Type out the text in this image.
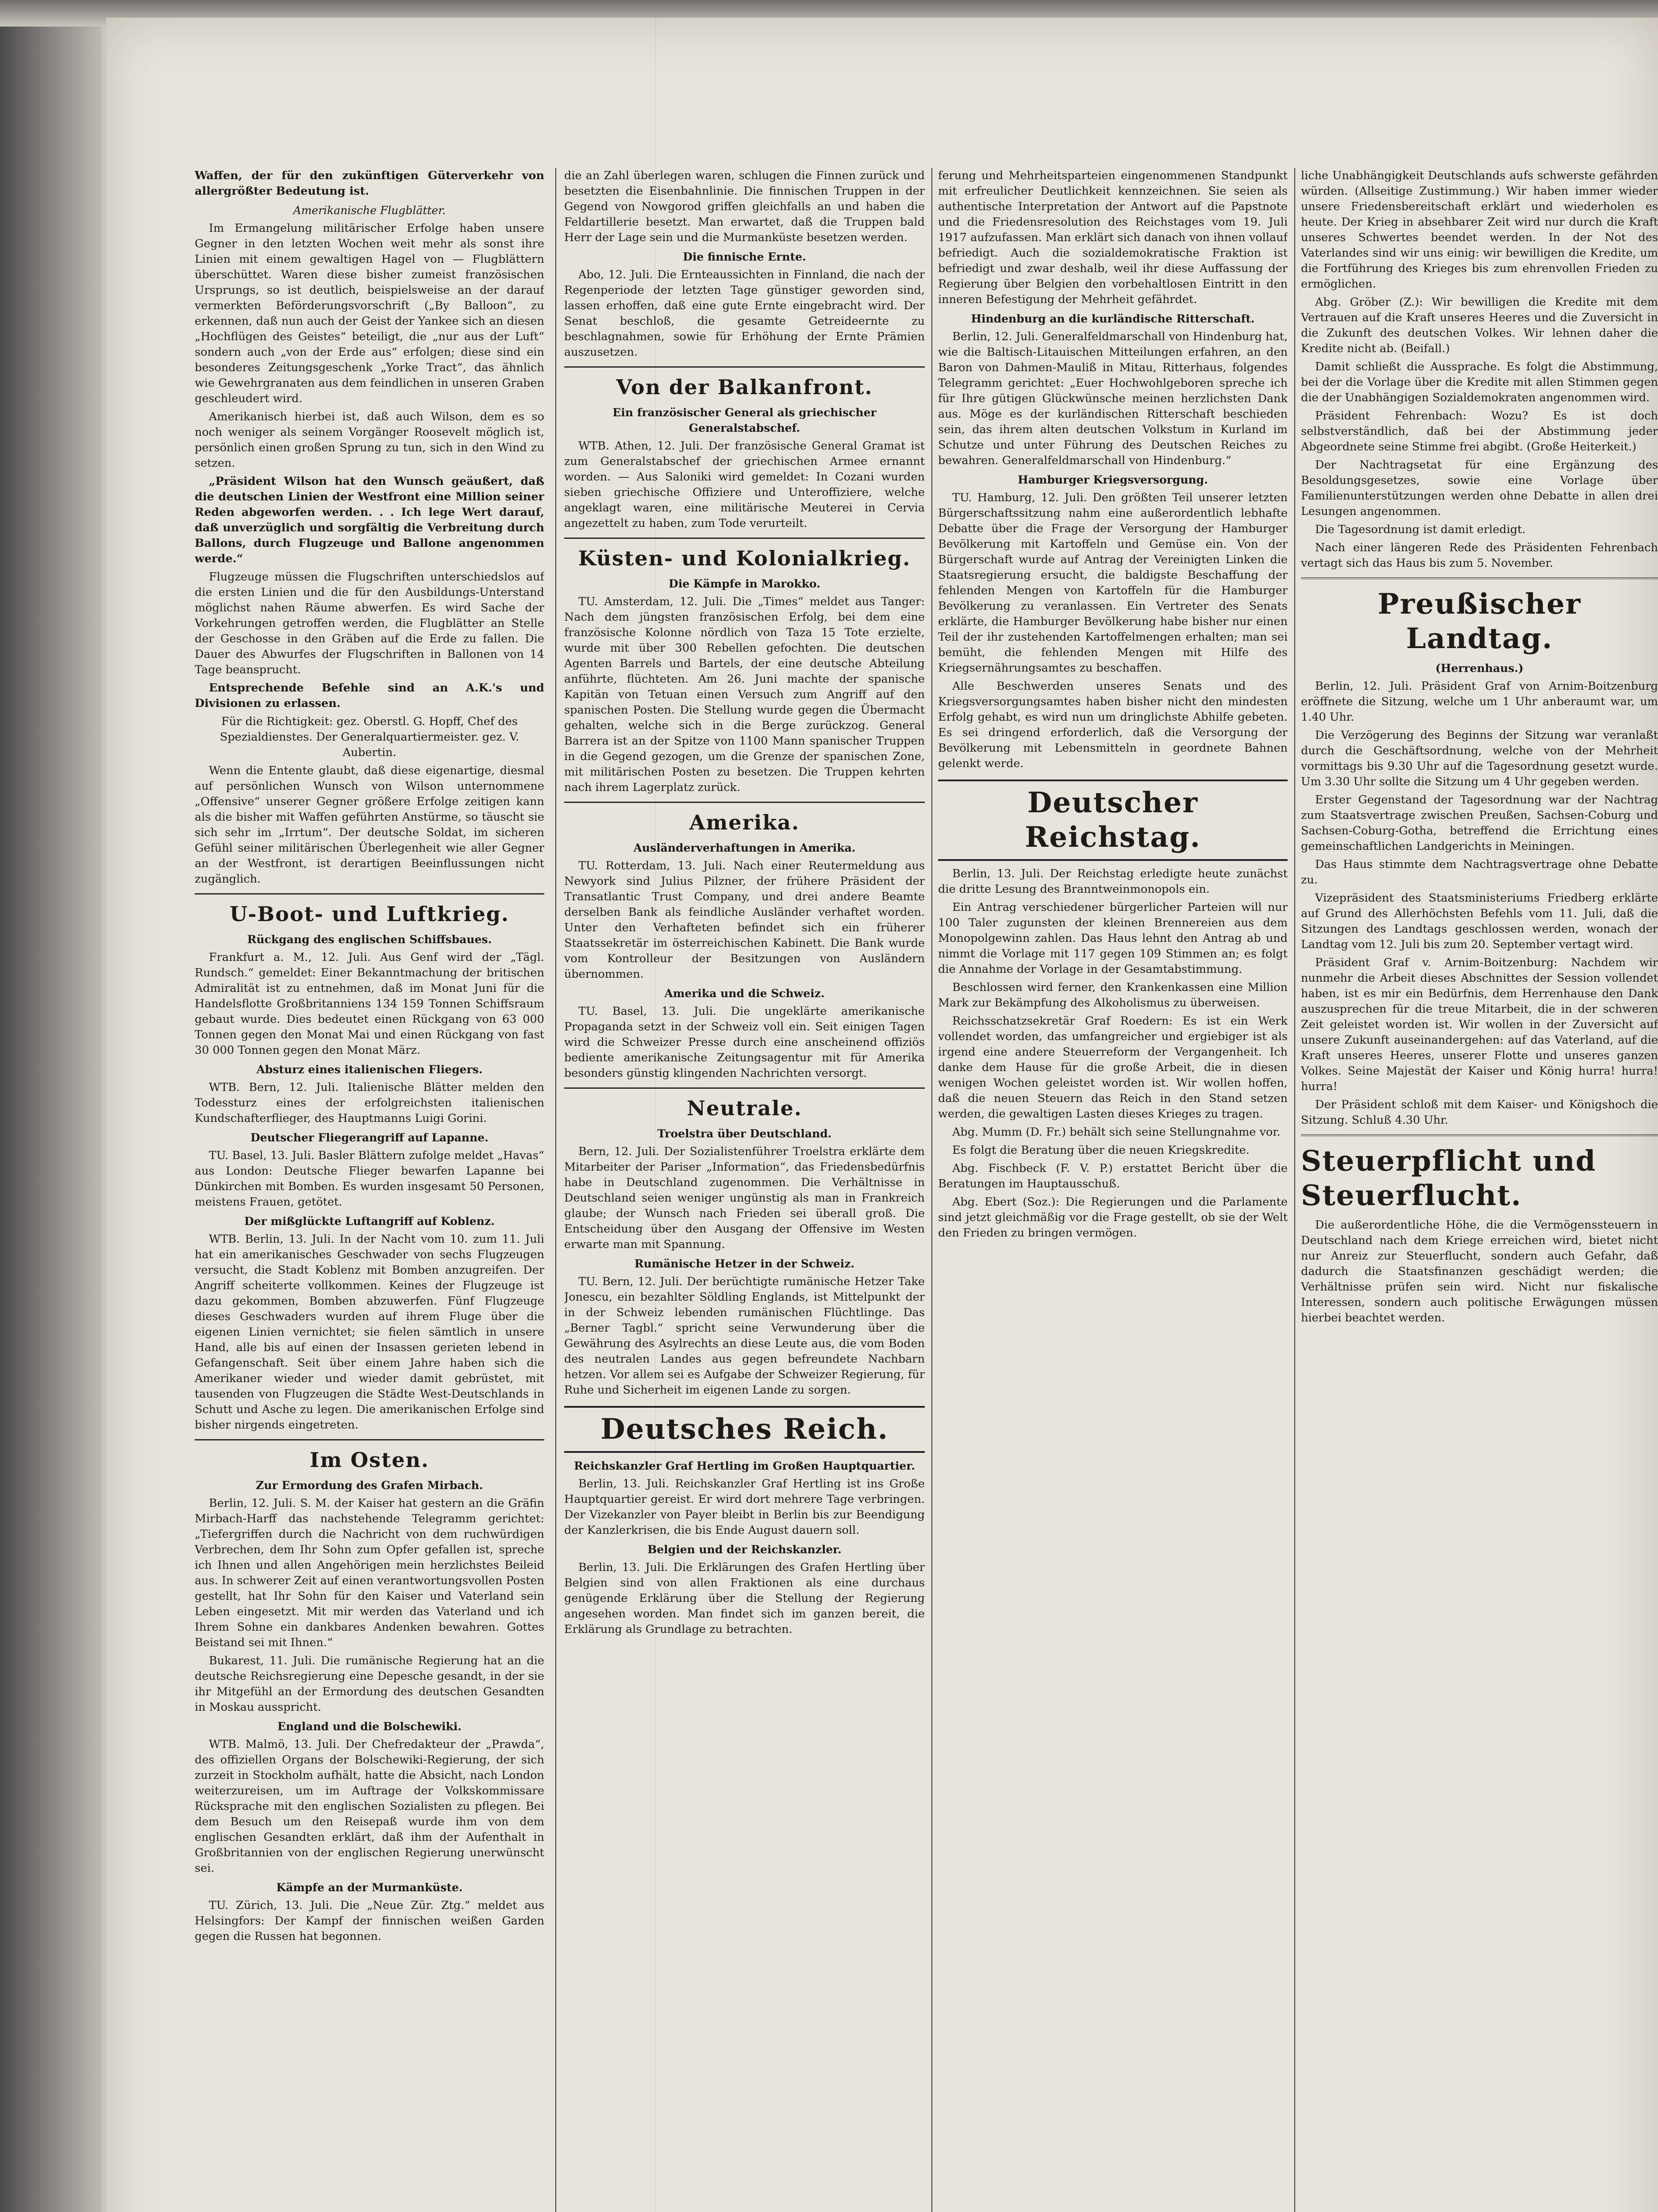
Waffen, der für den zukünftigen Güterverkehr von allergrößter Bedeutung ist.

Amerikanische Flugblätter.

Im Ermangelung militärischer Erfolge haben unsere Gegner in den letzten Wochen weit mehr als sonst ihre Linien mit einem gewaltigen Hagel von — Flugblättern überschüttet. Waren diese bisher zumeist französischen Ursprungs, so ist deutlich, beispielsweise an der darauf vermerkten Beförderungsvorschrift („By Balloon“, zu erkennen, daß nun auch der Geist der Yankee sich an diesen „Hochflügen des Geistes“ beteiligt, die „nur aus der Luft“ sondern auch „von der Erde aus“ erfolgen; diese sind ein besonderes Zeitungsgeschenk „Yorke Tract“, das ähnlich wie Gewehrgranaten aus dem feindlichen in unseren Graben geschleudert wird.

Amerikanisch hierbei ist, daß auch Wilson, dem es so noch weniger als seinem Vorgänger Roosevelt möglich ist, persönlich einen großen Sprung zu tun, sich in den Wind zu setzen.

„Präsident Wilson hat den Wunsch geäußert, daß die deutschen Linien der Westfront eine Million seiner Reden abgeworfen werden. . . Ich lege Wert darauf, daß unverzüglich und sorgfältig die Verbreitung durch Ballons, durch Flugzeuge und Ballone angenommen werde.“

Flugzeuge müssen die Flugschriften unterschiedslos auf die ersten Linien und die für den Ausbildungs-Unterstand möglichst nahen Räume abwerfen. Es wird Sache der Vorkehrungen getroffen werden, die Flugblätter an Stelle der Geschosse in den Gräben auf die Erde zu fallen. Die Dauer des Abwurfes der Flugschriften in Ballonen von 14 Tage beansprucht.

Entsprechende Befehle sind an A.K.'s und Divisionen zu erlassen.

Für die Richtigkeit: gez. Oberstl. G. Hopff, Chef des Spezialdienstes. Der Generalquartiermeister. gez. V. Aubertin.

Wenn die Entente glaubt, daß diese eigenartige, diesmal auf persönlichen Wunsch von Wilson unternommene „Offensive“ unserer Gegner größere Erfolge zeitigen kann als die bisher mit Waffen geführten Anstürme, so täuscht sie sich sehr im „Irrtum“. Der deutsche Soldat, im sicheren Gefühl seiner militärischen Überlegenheit wie aller Gegner an der Westfront, ist derartigen Beeinflussungen nicht zugänglich.

U-Boot- und Luftkrieg.
Rückgang des englischen Schiffsbaues.

Frankfurt a. M., 12. Juli. Aus Genf wird der „Tägl. Rundsch.“ gemeldet: Einer Bekanntmachung der britischen Admiralität ist zu entnehmen, daß im Monat Juni für die Handelsflotte Großbritanniens 134 159 Tonnen Schiffsraum gebaut wurde. Dies bedeutet einen Rückgang von 63 000 Tonnen gegen den Monat Mai und einen Rückgang von fast 30 000 Tonnen gegen den Monat März.

Absturz eines italienischen Fliegers.

WTB. Bern, 12. Juli. Italienische Blätter melden den Todessturz eines der erfolgreichsten italienischen Kundschafterflieger, des Hauptmanns Luigi Gorini.

Deutscher Fliegerangriff auf Lapanne.

TU. Basel, 13. Juli. Basler Blättern zufolge meldet „Havas“ aus London: Deutsche Flieger bewarfen Lapanne bei Dünkirchen mit Bomben. Es wurden insgesamt 50 Personen, meistens Frauen, getötet.

Der mißglückte Luftangriff auf Koblenz.

WTB. Berlin, 13. Juli. In der Nacht vom 10. zum 11. Juli hat ein amerikanisches Geschwader von sechs Flugzeugen versucht, die Stadt Koblenz mit Bomben anzugreifen. Der Angriff scheiterte vollkommen. Keines der Flugzeuge ist dazu gekommen, Bomben abzuwerfen. Fünf Flugzeuge dieses Geschwaders wurden auf ihrem Fluge über die eigenen Linien vernichtet; sie fielen sämtlich in unsere Hand, alle bis auf einen der Insassen gerieten lebend in Gefangenschaft. Seit über einem Jahre haben sich die Amerikaner wieder und wieder damit gebrüstet, mit tausenden von Flugzeugen die Städte West-Deutschlands in Schutt und Asche zu legen. Die amerikanischen Erfolge sind bisher nirgends eingetreten.

Im Osten.
Zur Ermordung des Grafen Mirbach.

Berlin, 12. Juli. S. M. der Kaiser hat gestern an die Gräfin Mirbach-Harff das nachstehende Telegramm gerichtet: „Tiefergriffen durch die Nachricht von dem ruchwürdigen Verbrechen, dem Ihr Sohn zum Opfer gefallen ist, spreche ich Ihnen und allen Angehörigen mein herzlichstes Beileid aus. In schwerer Zeit auf einen verantwortungsvollen Posten gestellt, hat Ihr Sohn für den Kaiser und Vaterland sein Leben eingesetzt. Mit mir werden das Vaterland und ich Ihrem Sohne ein dankbares Andenken bewahren. Gottes Beistand sei mit Ihnen.“

Bukarest, 11. Juli. Die rumänische Regierung hat an die deutsche Reichsregierung eine Depesche gesandt, in der sie ihr Mitgefühl an der Ermordung des deutschen Gesandten in Moskau ausspricht.

England und die Bolschewiki.

WTB. Malmö, 13. Juli. Der Chefredakteur der „Prawda“, des offiziellen Organs der Bolschewiki-Regierung, der sich zurzeit in Stockholm aufhält, hatte die Absicht, nach London weiterzureisen, um im Auftrage der Volkskommissare Rücksprache mit den englischen Sozialisten zu pflegen. Bei dem Besuch um den Reisepaß wurde ihm von dem englischen Gesandten erklärt, daß ihm der Aufenthalt in Großbritannien von der englischen Regierung unerwünscht sei.

Kämpfe an der Murmanküste.

TU. Zürich, 13. Juli. Die „Neue Zür. Ztg.“ meldet aus Helsingfors: Der Kampf der finnischen weißen Garden gegen die Russen hat begonnen.

die an Zahl überlegen waren, schlugen die Finnen zurück und besetzten die Eisenbahnlinie. Die finnischen Truppen in der Gegend von Nowgorod griffen gleichfalls an und haben die Feldartillerie besetzt. Man erwartet, daß die Truppen bald Herr der Lage sein und die Murmanküste besetzen werden.

Die finnische Ernte.

Abo, 12. Juli. Die Ernteaussichten in Finnland, die nach der Regenperiode der letzten Tage günstiger geworden sind, lassen erhoffen, daß eine gute Ernte eingebracht wird. Der Senat beschloß, die gesamte Getreideernte zu beschlagnahmen, sowie für Erhöhung der Ernte Prämien auszusetzen.

Von der Balkanfront.
Ein französischer General als griechischer Generalstabschef.

WTB. Athen, 12. Juli. Der französische General Gramat ist zum Generalstabschef der griechischen Armee ernannt worden. — Aus Saloniki wird gemeldet: In Cozani wurden sieben griechische Offiziere und Unteroffiziere, welche angeklagt waren, eine militärische Meuterei in Cervia angezettelt zu haben, zum Tode verurteilt.

Küsten- und Kolonialkrieg.
Die Kämpfe in Marokko.

TU. Amsterdam, 12. Juli. Die „Times“ meldet aus Tanger: Nach dem jüngsten französischen Erfolg, bei dem eine französische Kolonne nördlich von Taza 15 Tote erzielte, wurde mit über 300 Rebellen gefochten. Die deutschen Agenten Barrels und Bartels, der eine deutsche Abteilung anführte, flüchteten. Am 26. Juni machte der spanische Kapitän von Tetuan einen Versuch zum Angriff auf den spanischen Posten. Die Stellung wurde gegen die Übermacht gehalten, welche sich in die Berge zurückzog. General Barrera ist an der Spitze von 1100 Mann spanischer Truppen in die Gegend gezogen, um die Grenze der spanischen Zone, mit militärischen Posten zu besetzen. Die Truppen kehrten nach ihrem Lagerplatz zurück.

Amerika.
Ausländerverhaftungen in Amerika.

TU. Rotterdam, 13. Juli. Nach einer Reutermeldung aus Newyork sind Julius Pilzner, der frühere Präsident der Transatlantic Trust Company, und drei andere Beamte derselben Bank als feindliche Ausländer verhaftet worden. Unter den Verhafteten befindet sich ein früherer Staatssekretär im österreichischen Kabinett. Die Bank wurde vom Kontrolleur der Besitzungen von Ausländern übernommen.

Amerika und die Schweiz.

TU. Basel, 13. Juli. Die ungeklärte amerikanische Propaganda setzt in der Schweiz voll ein. Seit einigen Tagen wird die Schweizer Presse durch eine anscheinend offiziös bediente amerikanische Zeitungsagentur mit für Amerika besonders günstig klingenden Nachrichten versorgt.

Neutrale.
Troelstra über Deutschland.

Bern, 12. Juli. Der Sozialistenführer Troelstra erklärte dem Mitarbeiter der Pariser „Information“, das Friedensbedürfnis habe in Deutschland zugenommen. Die Verhältnisse in Deutschland seien weniger ungünstig als man in Frankreich glaube; der Wunsch nach Frieden sei überall groß. Die Entscheidung über den Ausgang der Offensive im Westen erwarte man mit Spannung.

Rumänische Hetzer in der Schweiz.

TU. Bern, 12. Juli. Der berüchtigte rumänische Hetzer Take Jonescu, ein bezahlter Söldling Englands, ist Mittelpunkt der in der Schweiz lebenden rumänischen Flüchtlinge. Das „Berner Tagbl.“ spricht seine Verwunderung über die Gewährung des Asylrechts an diese Leute aus, die vom Boden des neutralen Landes aus gegen befreundete Nachbarn hetzen. Vor allem sei es Aufgabe der Schweizer Regierung, für Ruhe und Sicherheit im eigenen Lande zu sorgen.

Deutsches Reich.
Reichskanzler Graf Hertling im Großen Hauptquartier.

Berlin, 13. Juli. Reichskanzler Graf Hertling ist ins Große Hauptquartier gereist. Er wird dort mehrere Tage verbringen. Der Vizekanzler von Payer bleibt in Berlin bis zur Beendigung der Kanzlerkrisen, die bis Ende August dauern soll.

Belgien und der Reichskanzler.

Berlin, 13. Juli. Die Erklärungen des Grafen Hertling über Belgien sind von allen Fraktionen als eine durchaus genügende Erklärung über die Stellung der Regierung angesehen worden. Man findet sich im ganzen bereit, die Erklärung als Grundlage zu betrachten.

ferung und Mehrheitsparteien eingenommenen Standpunkt mit erfreulicher Deutlichkeit kennzeichnen. Sie seien als authentische Interpretation der Antwort auf die Papstnote und die Friedensresolution des Reichstages vom 19. Juli 1917 aufzufassen. Man erklärt sich danach von ihnen vollauf befriedigt. Auch die sozialdemokratische Fraktion ist befriedigt und zwar deshalb, weil ihr diese Auffassung der Regierung über Belgien den vorbehaltlosen Eintritt in den inneren Befestigung der Mehrheit gefährdet.

Hindenburg an die kurländische Ritterschaft.

Berlin, 12. Juli. Generalfeldmarschall von Hindenburg hat, wie die Baltisch-Litauischen Mitteilungen erfahren, an den Baron von Dahmen-Mauliß in Mitau, Ritterhaus, folgendes Telegramm gerichtet: „Euer Hochwohlgeboren spreche ich für Ihre gütigen Glückwünsche meinen herzlichsten Dank aus. Möge es der kurländischen Ritterschaft beschieden sein, das ihrem alten deutschen Volkstum in Kurland im Schutze und unter Führung des Deutschen Reiches zu bewahren. Generalfeldmarschall von Hindenburg.“

Hamburger Kriegsversorgung.

TU. Hamburg, 12. Juli. Den größten Teil unserer letzten Bürgerschaftssitzung nahm eine außerordentlich lebhafte Debatte über die Frage der Versorgung der Hamburger Bevölkerung mit Kartoffeln und Gemüse ein. Von der Bürgerschaft wurde auf Antrag der Vereinigten Linken die Staatsregierung ersucht, die baldigste Beschaffung der fehlenden Mengen von Kartoffeln für die Hamburger Bevölkerung zu veranlassen. Ein Vertreter des Senats erklärte, die Hamburger Bevölkerung habe bisher nur einen Teil der ihr zustehenden Kartoffelmengen erhalten; man sei bemüht, die fehlenden Mengen mit Hilfe des Kriegsernährungsamtes zu beschaffen.

Alle Beschwerden unseres Senats und des Kriegsversorgungsamtes haben bisher nicht den mindesten Erfolg gehabt, es wird nun um dringlichste Abhilfe gebeten. Es sei dringend erforderlich, daß die Versorgung der Bevölkerung mit Lebensmitteln in geordnete Bahnen gelenkt werde.

Deutscher Reichstag.

Berlin, 13. Juli. Der Reichstag erledigte heute zunächst die dritte Lesung des Branntweinmonopols ein.

Ein Antrag verschiedener bürgerlicher Parteien will nur 100 Taler zugunsten der kleinen Brennereien aus dem Monopolgewinn zahlen. Das Haus lehnt den Antrag ab und nimmt die Vorlage mit 117 gegen 109 Stimmen an; es folgt die Annahme der Vorlage in der Gesamtabstimmung.

Beschlossen wird ferner, den Krankenkassen eine Million Mark zur Bekämpfung des Alkoholismus zu überweisen.

Reichsschatzsekretär Graf Roedern: Es ist ein Werk vollendet worden, das umfangreicher und ergiebiger ist als irgend eine andere Steuerreform der Vergangenheit. Ich danke dem Hause für die große Arbeit, die in diesen wenigen Wochen geleistet worden ist. Wir wollen hoffen, daß die neuen Steuern das Reich in den Stand setzen werden, die gewaltigen Lasten dieses Krieges zu tragen.

Abg. Mumm (D. Fr.) behält sich seine Stellungnahme vor.

Es folgt die Beratung über die neuen Kriegskredite.

Abg. Fischbeck (F. V. P.) erstattet Bericht über die Beratungen im Hauptausschuß.

Abg. Ebert (Soz.): Die Regierungen und die Parlamente sind jetzt gleichmäßig vor die Frage gestellt, ob sie der Welt den Frieden zu bringen vermögen.

liche Unabhängigkeit Deutschlands aufs schwerste gefährden würden. (Allseitige Zustimmung.) Wir haben immer wieder unsere Friedensbereitschaft erklärt und wiederholen es heute. Der Krieg in absehbarer Zeit wird nur durch die Kraft unseres Schwertes beendet werden. In der Not des Vaterlandes sind wir uns einig: wir bewilligen die Kredite, um die Fortführung des Krieges bis zum ehrenvollen Frieden zu ermöglichen.

Abg. Gröber (Z.): Wir bewilligen die Kredite mit dem Vertrauen auf die Kraft unseres Heeres und die Zuversicht in die Zukunft des deutschen Volkes. Wir lehnen daher die Kredite nicht ab. (Beifall.)

Damit schließt die Aussprache. Es folgt die Abstimmung, bei der die Vorlage über die Kredite mit allen Stimmen gegen die der Unabhängigen Sozialdemokraten angenommen wird.

Präsident Fehrenbach: Wozu? Es ist doch selbstverständlich, daß bei der Abstimmung jeder Abgeordnete seine Stimme frei abgibt. (Große Heiterkeit.)

Der Nachtragsetat für eine Ergänzung des Besoldungsgesetzes, sowie eine Vorlage über Familienunterstützungen werden ohne Debatte in allen drei Lesungen angenommen.

Die Tagesordnung ist damit erledigt.

Nach einer längeren Rede des Präsidenten Fehrenbach vertagt sich das Haus bis zum 5. November.

Preußischer Landtag.
(Herrenhaus.)

Berlin, 12. Juli. Präsident Graf von Arnim-Boitzenburg eröffnete die Sitzung, welche um 1 Uhr anberaumt war, um 1.40 Uhr.

Die Verzögerung des Beginns der Sitzung war veranlaßt durch die Geschäftsordnung, welche von der Mehrheit vormittags bis 9.30 Uhr auf die Tagesordnung gesetzt wurde. Um 3.30 Uhr sollte die Sitzung um 4 Uhr gegeben werden.

Erster Gegenstand der Tagesordnung war der Nachtrag zum Staatsvertrage zwischen Preußen, Sachsen-Coburg und Sachsen-Coburg-Gotha, betreffend die Errichtung eines gemeinschaftlichen Landgerichts in Meiningen.

Das Haus stimmte dem Nachtragsvertrage ohne Debatte zu.

Vizepräsident des Staatsministeriums Friedberg erklärte auf Grund des Allerhöchsten Befehls vom 11. Juli, daß die Sitzungen des Landtags geschlossen werden, wonach der Landtag vom 12. Juli bis zum 20. September vertagt wird.

Präsident Graf v. Arnim-Boitzenburg: Nachdem wir nunmehr die Arbeit dieses Abschnittes der Session vollendet haben, ist es mir ein Bedürfnis, dem Herrenhause den Dank auszusprechen für die treue Mitarbeit, die in der schweren Zeit geleistet worden ist. Wir wollen in der Zuversicht auf unsere Zukunft auseinandergehen: auf das Vaterland, auf die Kraft unseres Heeres, unserer Flotte und unseres ganzen Volkes. Seine Majestät der Kaiser und König hurra! hurra! hurra!

Der Präsident schloß mit dem Kaiser- und Königshoch die Sitzung. Schluß 4.30 Uhr.

Steuerpflicht und Steuerflucht.

Die außerordentliche Höhe, die die Vermögenssteuern in Deutschland nach dem Kriege erreichen wird, bietet nicht nur Anreiz zur Steuerflucht, sondern auch Gefahr, daß dadurch die Staatsfinanzen geschädigt werden; die Verhältnisse prüfen sein wird. Nicht nur fiskalische Interessen, sondern auch politische Erwägungen müssen hierbei beachtet werden.
